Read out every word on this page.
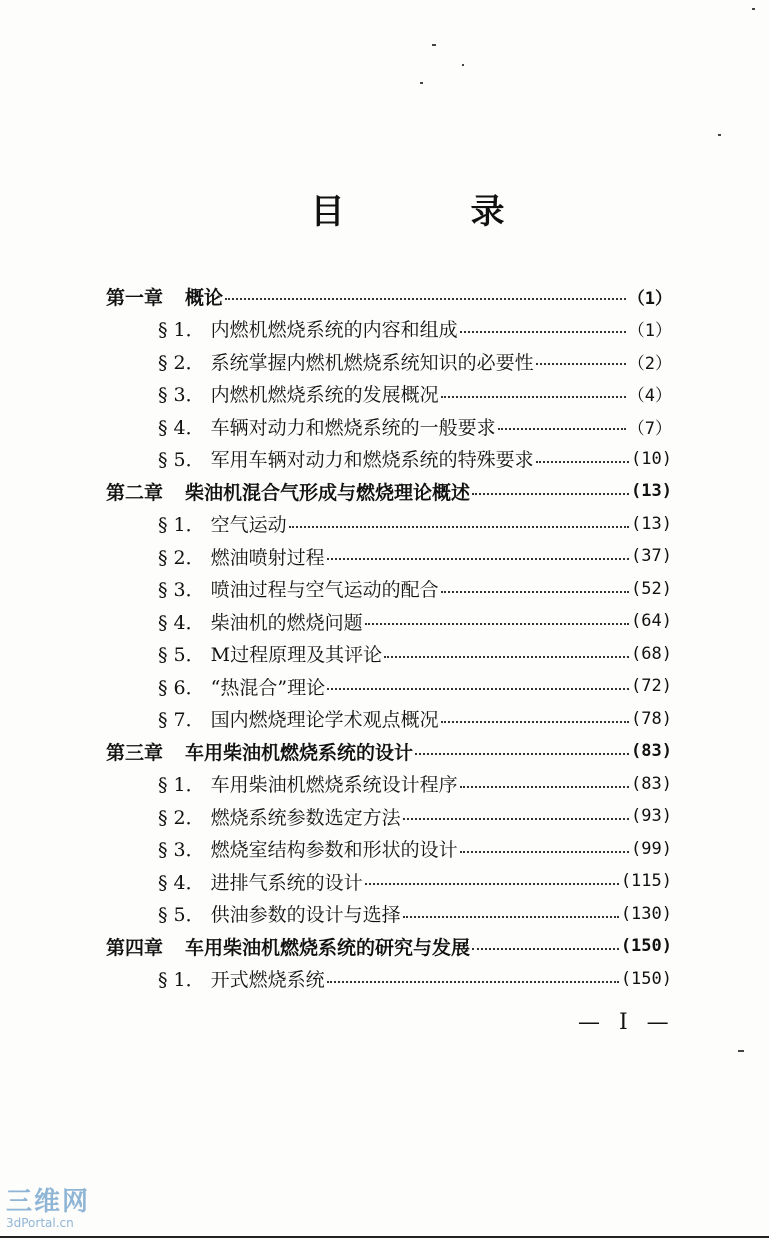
目　录
第一章 概论	（1）
§ 1． 内燃机燃烧系统的内容和组成	（1）
§ 2． 系统掌握内燃机燃烧系统知识的必要性	（2）
§ 3． 内燃机燃烧系统的发展概况	（4）
§ 4． 车辆对动力和燃烧系统的一般要求	（7）
§ 5． 军用车辆对动力和燃烧系统的特殊要求	(10)
第二章 柴油机混合气形成与燃烧理论概述	(13)
§ 1． 空气运动	(13)
§ 2． 燃油喷射过程	(37)
§ 3． 喷油过程与空气运动的配合	(52)
§ 4． 柴油机的燃烧问题	(64)
§ 5． M过程原理及其评论	(68)
§ 6． “热混合”理论	(72)
§ 7． 国内燃烧理论学术观点概况	(78)
第三章 车用柴油机燃烧系统的设计	(83)
§ 1． 车用柴油机燃烧系统设计程序	(83)
§ 2． 燃烧系统参数选定方法	(93)
§ 3． 燃烧室结构参数和形状的设计	(99)
§ 4． 进排气系统的设计	(115)
§ 5． 供油参数的设计与选择	(130)
第四章 车用柴油机燃烧系统的研究与发展	(150)
§ 1． 开式燃烧系统	(150)
— I —
三维网
3dPortal.cn
